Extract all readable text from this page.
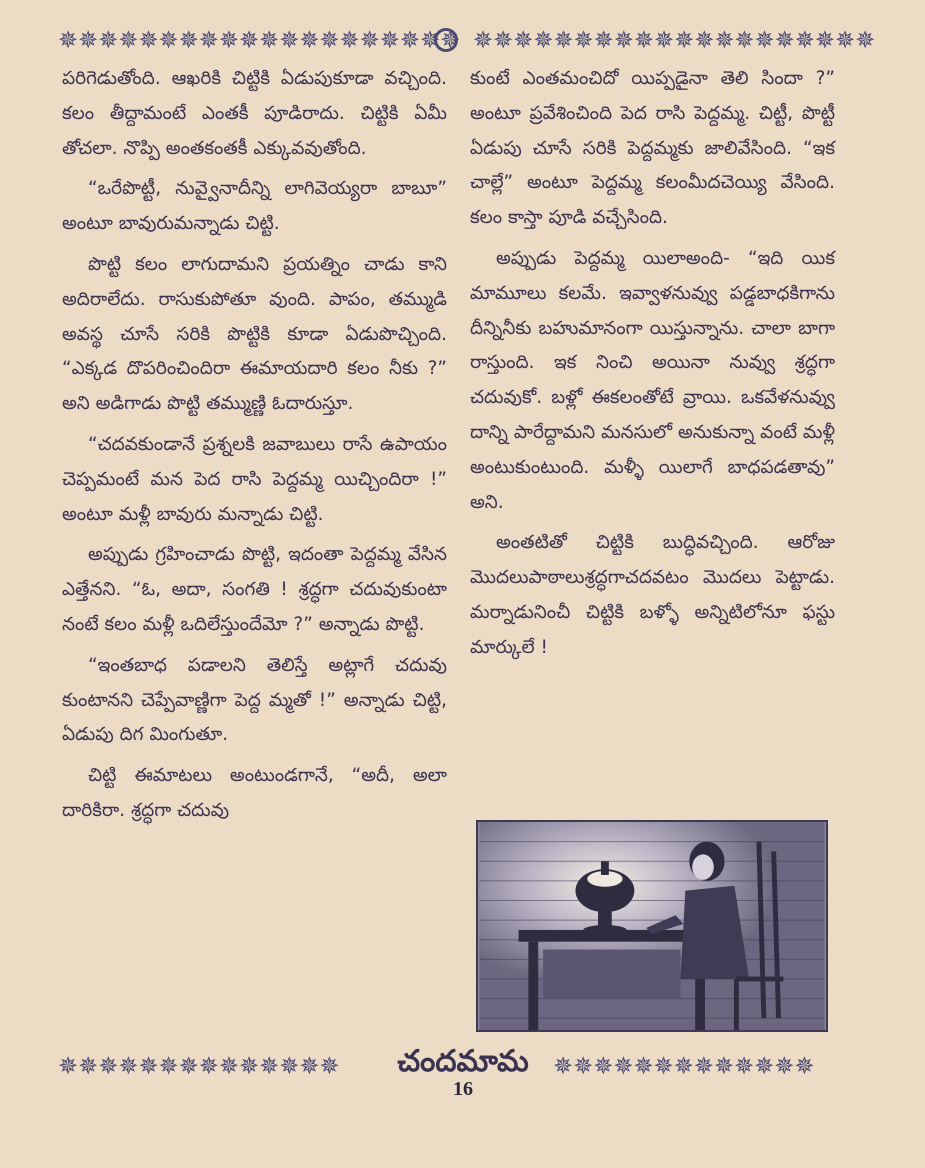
✵✵✵✵✵✵✵✵✵✵✵✵✵✵✵✵✵✵✵✵ ✵✵✵✵✵✵✵✵✵✵✵✵✵✵✵✵✵✵✵✵

పరిగెడుతోంది. ఆఖరికి చిట్టికి ఏడుపుకూడా వచ్చింది. కలం తీద్దామంటే ఎంతకీ పూడిరాదు. చిట్టికి ఏమీ తోచలా. నొప్పి అంతకంతకీ ఎక్కువవుతోంది.

“ఒరేపొట్టీ, నువ్వైనాదీన్ని లాగివెయ్యరా బాబూ” అంటూ బావురుమన్నాడు చిట్టి.

పొట్టి కలం లాగుదామని ప్రయత్నిం చాడు కాని అదిరాలేదు. రాసుకుపోతూ వుంది. పాపం, తమ్ముడి అవస్థ చూసే సరికి పొట్టికి కూడా ఏడుపొచ్చింది. “ఎక్కడ దొపరించిందిరా ఈమాయదారి కలం నీకు ?” అని అడిగాడు పొట్టి తమ్ముణ్ణి ఓదారుస్తూ.

“చదవకుండానే ప్రశ్నలకి జవాబులు రాసే ఉపాయం చెప్పమంటే మన పెద రాసి పెద్దమ్మ యిచ్చిందిరా !” అంటూ మళ్లీ బావురు మన్నాడు చిట్టి.

అప్పుడు గ్రహించాడు పొట్టి, ఇదంతా పెద్దమ్మ వేసిన ఎత్తేనని. “ఓ, అదా, సంగతి ! శ్రద్ధగా చదువుకుంటా నంటే కలం మళ్లీ ఒదిలేస్తుందేమో ?” అన్నాడు పొట్టి.

“ఇంతబాధ పడాలని తెలిస్తే అట్లాగే చదువు కుంటానని చెప్పేవాణ్ణిగా పెద్ద మ్మతో !” అన్నాడు చిట్టి, ఏడుపు దిగ మింగుతూ.

చిట్టి ఈమాటలు అంటుండగానే, “అదీ, అలా దారికిరా. శ్రద్ధగా చదువు

కుంటే ఎంతమంచిదో యిప్పడైనా తెలి సిందా ?” అంటూ ప్రవేశించింది పెద రాసి పెద్దమ్మ. చిట్టీ, పొట్టీ ఏడుపు చూసే సరికి పెద్దమ్మకు జాలివేసింది. “ఇక చాల్లే” అంటూ పెద్దమ్మ కలంమీదచెయ్యి వేసింది. కలం కాస్తా పూడి వచ్చేసింది.

అప్పుడు పెద్దమ్మ యిలాఅంది- “ఇది యిక మామూలు కలమే. ఇవ్వాళనువ్వు పడ్డబాధకిగాను దీన్నినీకు బహుమానంగా యిస్తున్నాను. చాలా బాగా రాస్తుంది. ఇక నించి అయినా నువ్వు శ్రద్ధగా చదువుకో. బళ్లో ఈకలంతోటే వ్రాయి. ఒకవేళనువ్వు దాన్ని పారేద్దామని మనసులో అనుకున్నా వంటే మళ్లీ అంటుకుంటుంది. మళ్ళీ యిలాగే బాధపడతావు” అని.

అంతటితో చిట్టికి బుద్ధివచ్చింది. ఆరోజు మొదలుపాఠాలుశ్రద్ధగాచదవటం మొదలు పెట్టాడు. మర్నాడునించీ చిట్టికి బళ్ళో అన్నిటిలోనూ ఫస్టు మార్కులే !

✵✵✵✵✵✵✵✵✵✵✵✵✵✵	చందమామ
16
✵✵✵✵✵✵✵✵✵✵✵✵✵
